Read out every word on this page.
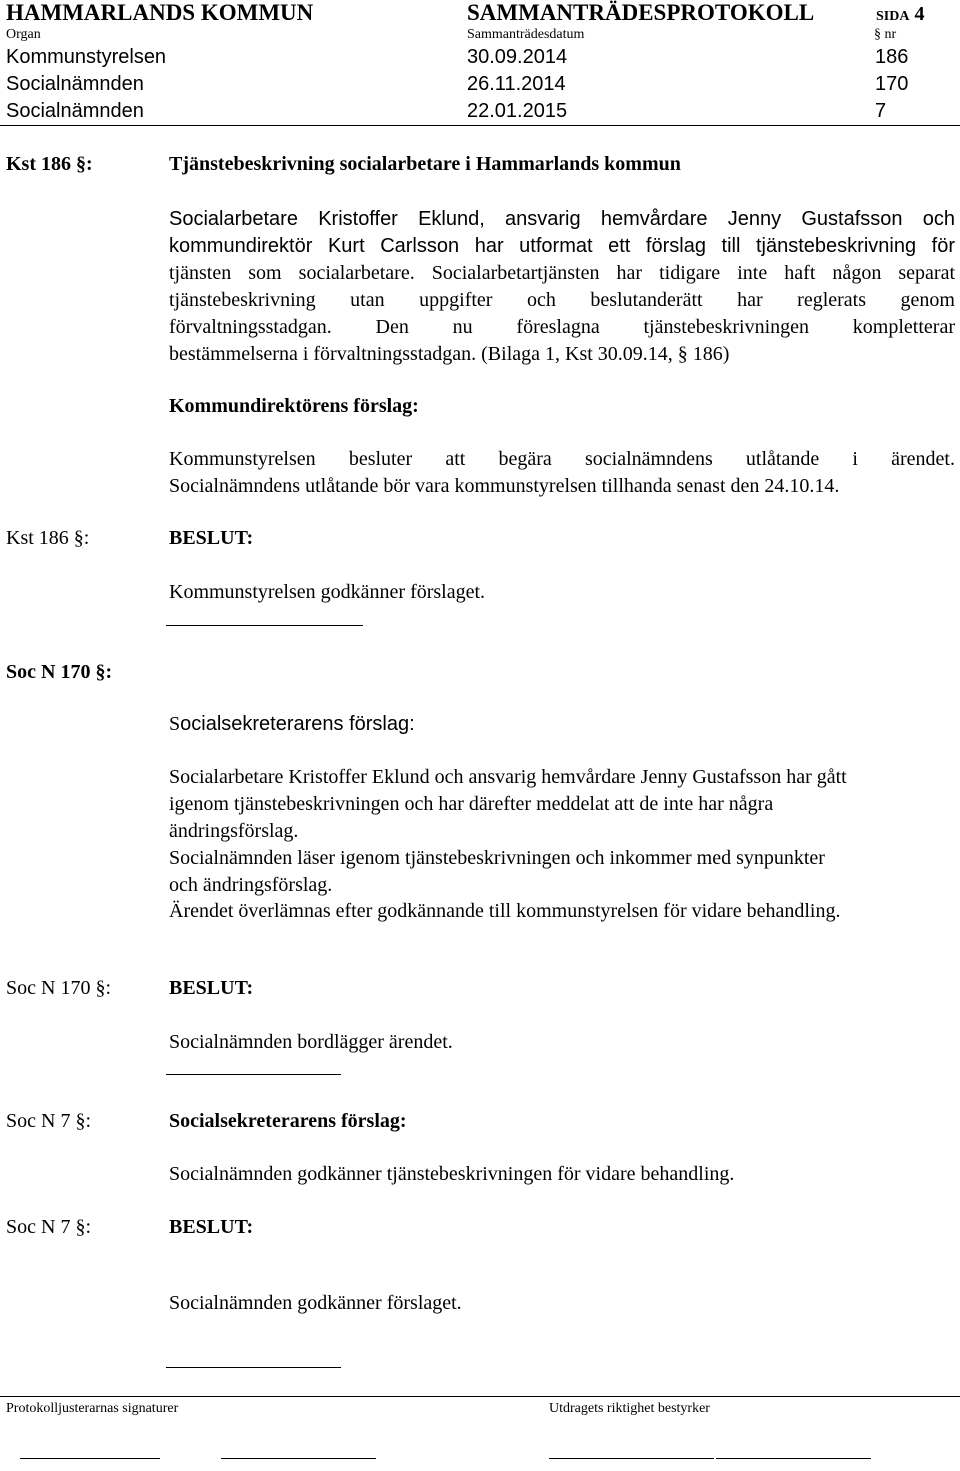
HAMMARLANDS KOMMUN	SAMMANTRÄDESPROTOKOLL	SIDA 4
Organ	Sammanträdesdatum	§ nr
Kommunstyrelsen	30.09.2014	186
Socialnämnden	26.11.2014	170
Socialnämnden	22.01.2015	7
Kst 186 §:	Tjänstebeskrivning socialarbetare i Hammarlands kommun
Socialarbetare Kristoffer Eklund, ansvarig hemvårdare Jenny Gustafsson och
kommundirektör Kurt Carlsson har utformat ett förslag till tjänstebeskrivning för
tjänsten som socialarbetare. Socialarbetartjänsten har tidigare inte haft någon separat
tjänstebeskrivning utan uppgifter och beslutanderätt har reglerats genom
förvaltningsstadgan. Den nu föreslagna tjänstebeskrivningen kompletterar
bestämmelserna i förvaltningsstadgan. (Bilaga 1, Kst 30.09.14, § 186)
Kommundirektörens förslag:
Kommunstyrelsen besluter att begära socialnämndens utlåtande i ärendet.
Socialnämndens utlåtande bör vara kommunstyrelsen tillhanda senast den 24.10.14.
Kst 186 §:	BESLUT:
Kommunstyrelsen godkänner förslaget.
Soc N 170 §:
Socialsekreterarens förslag:
Socialarbetare Kristoffer Eklund och ansvarig hemvårdare Jenny Gustafsson har gått
igenom tjänstebeskrivningen och har därefter meddelat att de inte har några
ändringsförslag.
Socialnämnden läser igenom tjänstebeskrivningen och inkommer med synpunkter
och ändringsförslag.
Ärendet överlämnas efter godkännande till kommunstyrelsen för vidare behandling.
Soc N 170 §:	BESLUT:
Socialnämnden bordlägger ärendet.
Soc N 7 §:	Socialsekreterarens förslag:
Socialnämnden godkänner tjänstebeskrivningen för vidare behandling.
Soc N 7 §:	BESLUT:
Socialnämnden godkänner förslaget.
Protokolljusterarnas signaturer	Utdragets riktighet bestyrker
